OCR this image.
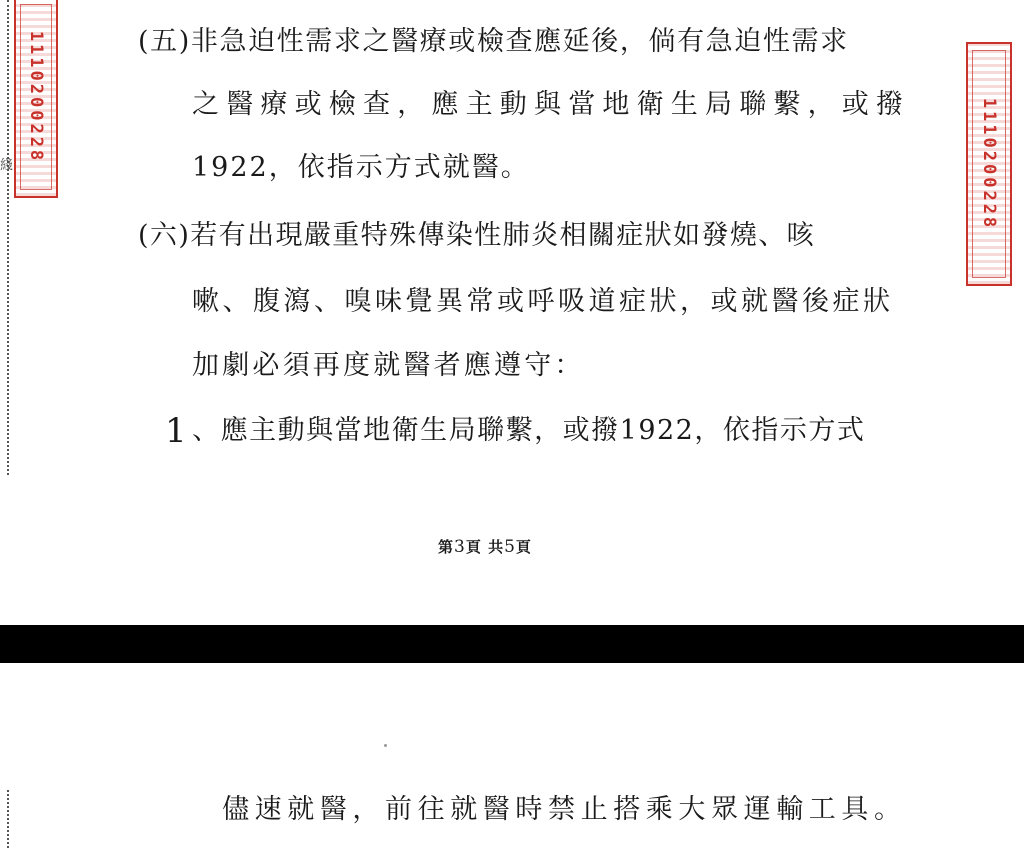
綫
1110200228
1110200228
(五)非急迫性需求之醫療或檢查應延後，倘有急迫性需求
之醫療或檢查，應主動與當地衛生局聯繫，或撥
1922，依指示方式就醫。
(六)若有出現嚴重特殊傳染性肺炎相關症狀如發燒、咳
嗽、腹瀉、嗅味覺異常或呼吸道症狀，或就醫後症狀
加劇必須再度就醫者應遵守：
1 、應主動與當地衛生局聯繫，或撥1922，依指示方式
第3頁 共5頁
儘速就醫，前往就醫時禁止搭乘大眾運輸工具。
